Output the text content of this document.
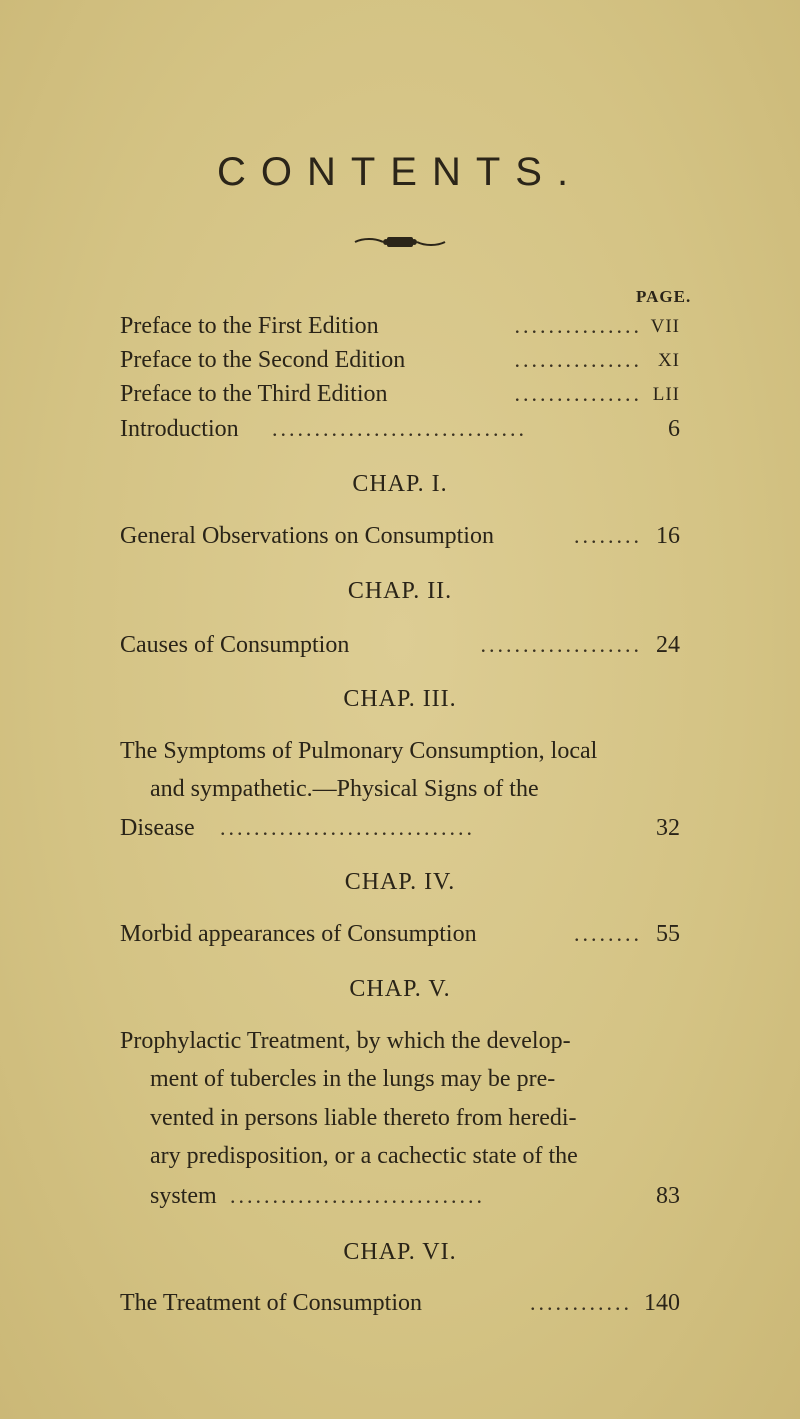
CONTENTS.
PAGE.
Preface to the First Edition	............... VII
Preface to the Second Edition	............... XI
Preface to the Third Edition	............... LII
Introduction ..............................	6
CHAP. I.
General Observations on Consumption	........ 16
CHAP. II.
Causes of Consumption	................... 24
CHAP. III.
The Symptoms of Pulmonary Consumption, local
and sympathetic.—Physical Signs of the
Disease ..............................	32
CHAP. IV.
Morbid appearances of Consumption	........ 55
CHAP. V.
Prophylactic Treatment, by which the develop-
ment of tubercles in the lungs may be pre-
vented in persons liable thereto from heredi-
ary predisposition, or a cachectic state of the
system ..............................	83
CHAP. VI.
The Treatment of Consumption	............ 140
